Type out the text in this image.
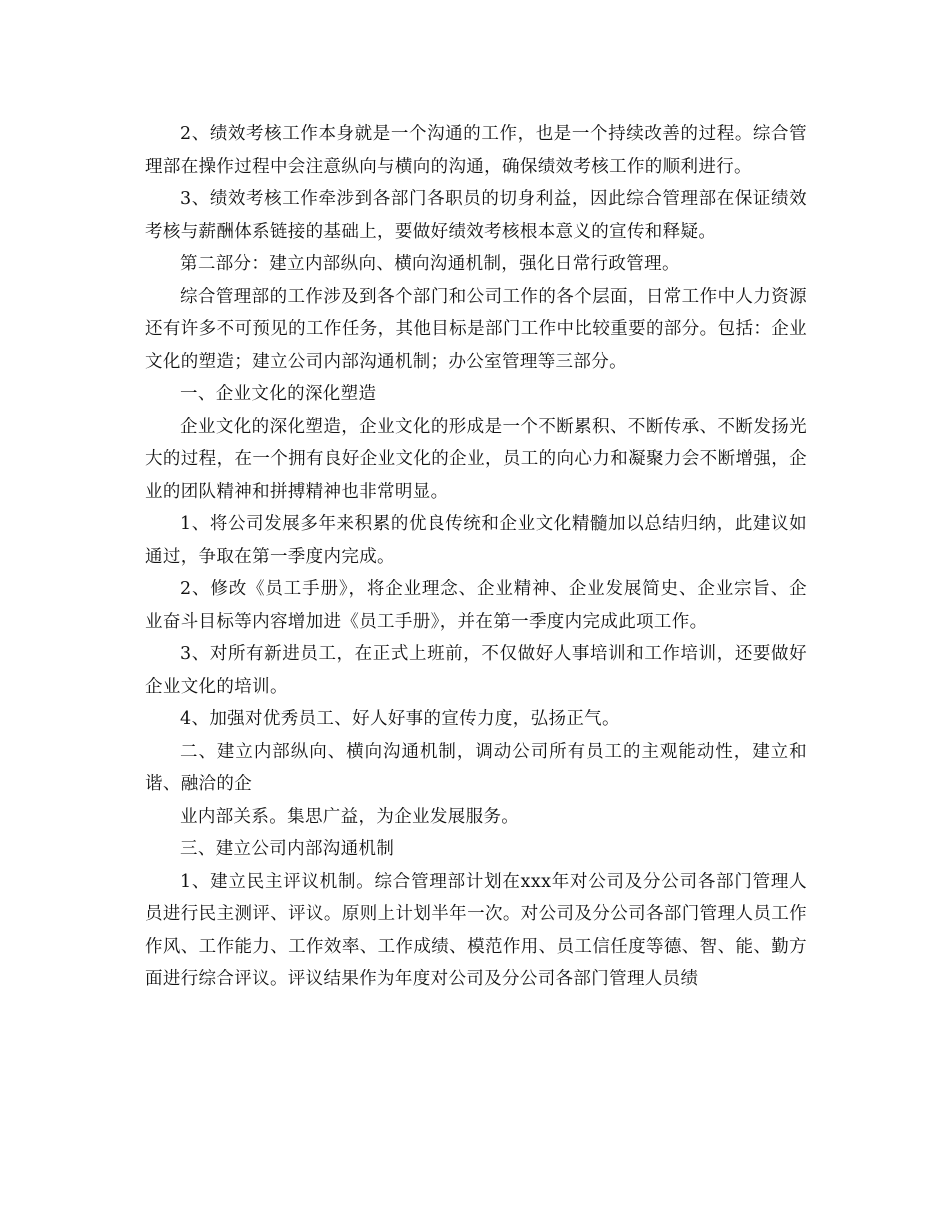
2、绩效考核工作本身就是一个沟通的工作，也是一个持续改善的过程。综合管理部在操作过程中会注意纵向与横向的沟通，确保绩效考核工作的顺利进行。

3、绩效考核工作牵涉到各部门各职员的切身利益，因此综合管理部在保证绩效考核与薪酬体系链接的基础上，要做好绩效考核根本意义的宣传和释疑。

第二部分：建立内部纵向、横向沟通机制，强化日常行政管理。

综合管理部的工作涉及到各个部门和公司工作的各个层面，日常工作中人力资源还有许多不可预见的工作任务，其他目标是部门工作中比较重要的部分。包括：企业文化的塑造；建立公司内部沟通机制；办公室管理等三部分。

一、企业文化的深化塑造

企业文化的深化塑造，企业文化的形成是一个不断累积、不断传承、不断发扬光大的过程，在一个拥有良好企业文化的企业，员工的向心力和凝聚力会不断增强，企业的团队精神和拼搏精神也非常明显。

1、将公司发展多年来积累的优良传统和企业文化精髓加以总结归纳，此建议如通过，争取在第一季度内完成。

2、修改《员工手册》，将企业理念、企业精神、企业发展简史、企业宗旨、企业奋斗目标等内容增加进《员工手册》，并在第一季度内完成此项工作。

3、对所有新进员工，在正式上班前，不仅做好人事培训和工作培训，还要做好企业文化的培训。

4、加强对优秀员工、好人好事的宣传力度，弘扬正气。

二、建立内部纵向、横向沟通机制，调动公司所有员工的主观能动性，建立和谐、融洽的企

业内部关系。集思广益，为企业发展服务。

三、建立公司内部沟通机制

1、建立民主评议机制。综合管理部计划在xxx年对公司及分公司各部门管理人员进行民主测评、评议。原则上计划半年一次。对公司及分公司各部门管理人员工作作风、工作能力、工作效率、工作成绩、模范作用、员工信任度等德、智、能、勤方面进行综合评议。评议结果作为年度对公司及分公司各部门管理人员绩
